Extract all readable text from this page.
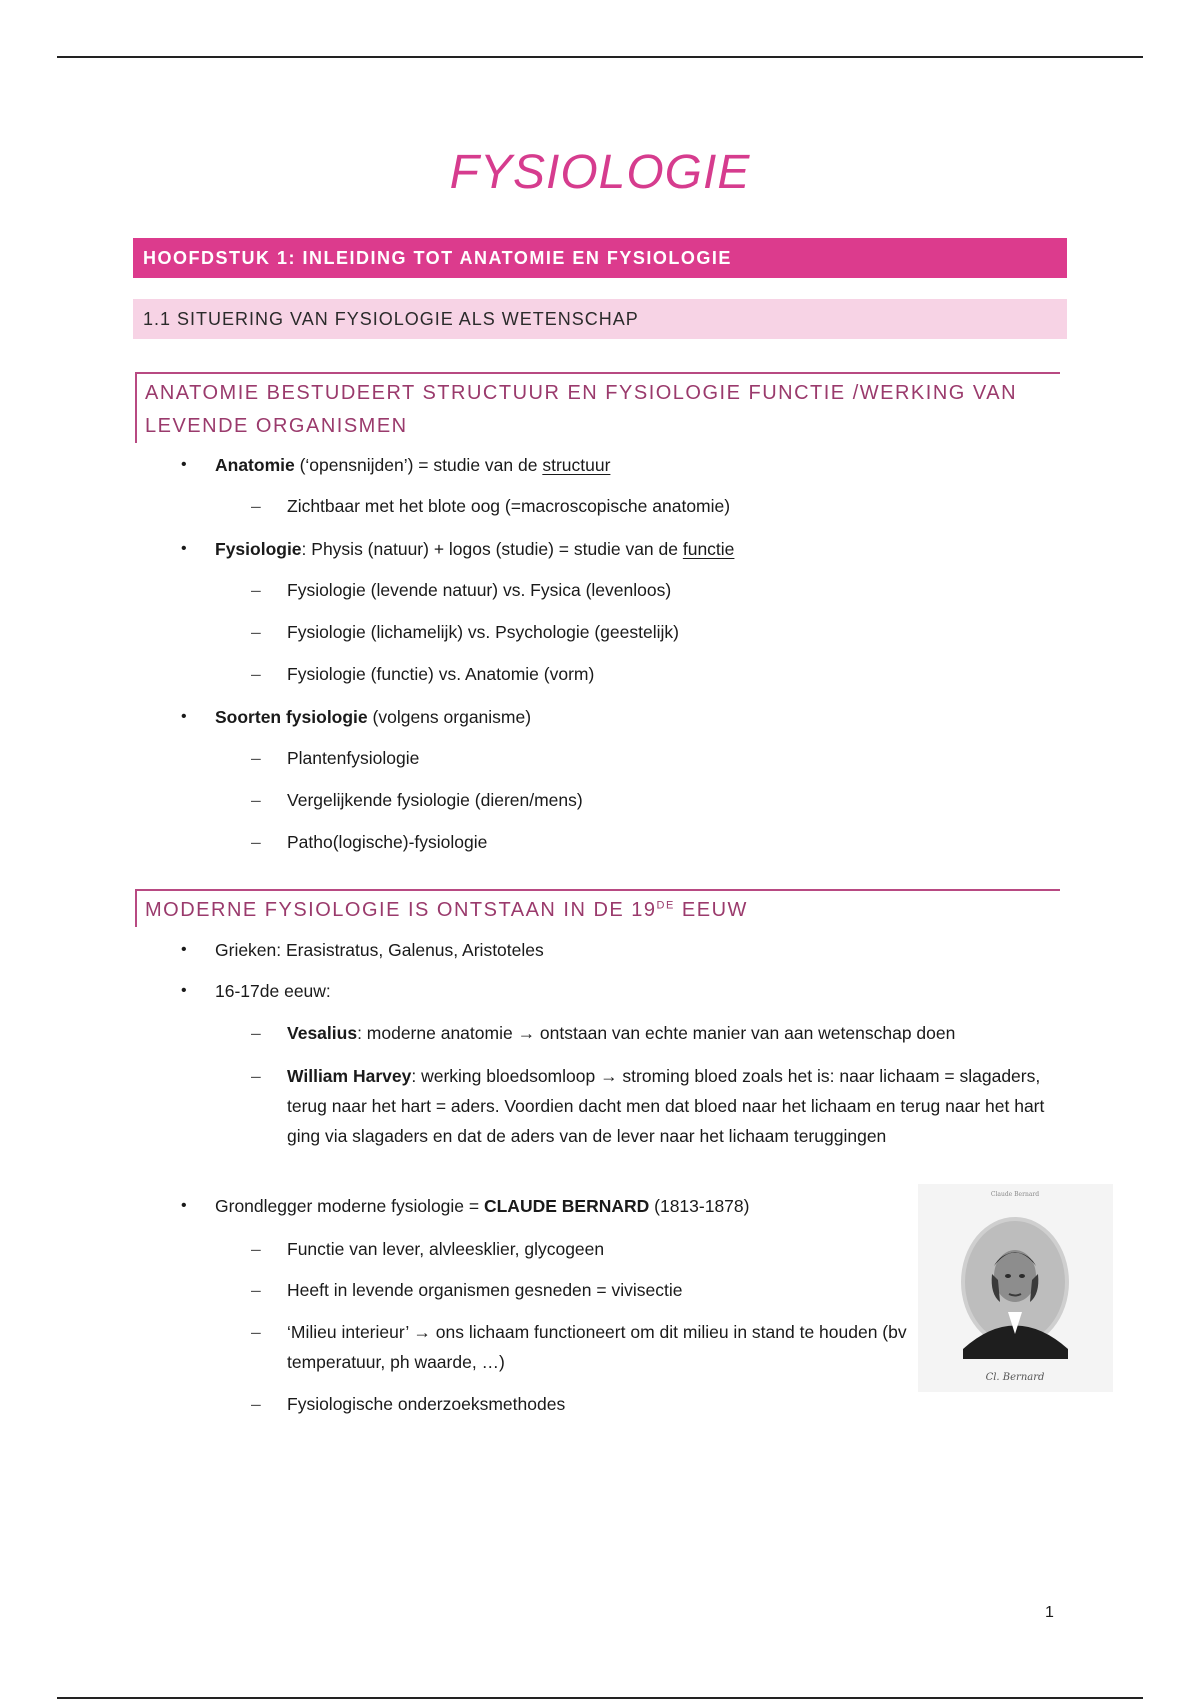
FYSIOLOGIE
HOOFDSTUK 1: INLEIDING TOT ANATOMIE EN FYSIOLOGIE
1.1 SITUERING VAN FYSIOLOGIE ALS WETENSCHAP
ANATOMIE BESTUDEERT STRUCTUUR EN FYSIOLOGIE FUNCTIE /WERKING VAN LEVENDE ORGANISMEN
• Anatomie (‘opensnijden’) = studie van de structuur
– Zichtbaar met het blote oog (=macroscopische anatomie)
• Fysiologie: Physis (natuur) + logos (studie) = studie van de functie
– Fysiologie (levende natuur) vs. Fysica (levenloos)
– Fysiologie (lichamelijk) vs. Psychologie (geestelijk)
– Fysiologie (functie) vs. Anatomie (vorm)
• Soorten fysiologie (volgens organisme)
– Plantenfysiologie
– Vergelijkende fysiologie (dieren/mens)
– Patho(logische)-fysiologie
MODERNE FYSIOLOGIE IS ONTSTAAN IN DE 19DE EEUW
• Grieken: Erasistratus, Galenus, Aristoteles
• 16-17de eeuw:
– Vesalius: moderne anatomie → ontstaan van echte manier van aan wetenschap doen
– William Harvey: werking bloedsomloop → stroming bloed zoals het is: naar lichaam = slagaders, terug naar het hart = aders. Voordien dacht men dat bloed naar het lichaam en terug naar het hart ging via slagaders en dat de aders van de lever naar het lichaam teruggingen
• Grondlegger moderne fysiologie = CLAUDE BERNARD (1813-1878)
– Functie van lever, alvleesklier, glycogeen
– Heeft in levende organismen gesneden = vivisectie
– ‘Milieu interieur’ → ons lichaam functioneert om dit milieu in stand te houden (bv temperatuur, ph waarde, …)
– Fysiologische onderzoeksmethodes
Claude Bernard
Cl. Bernard
1
